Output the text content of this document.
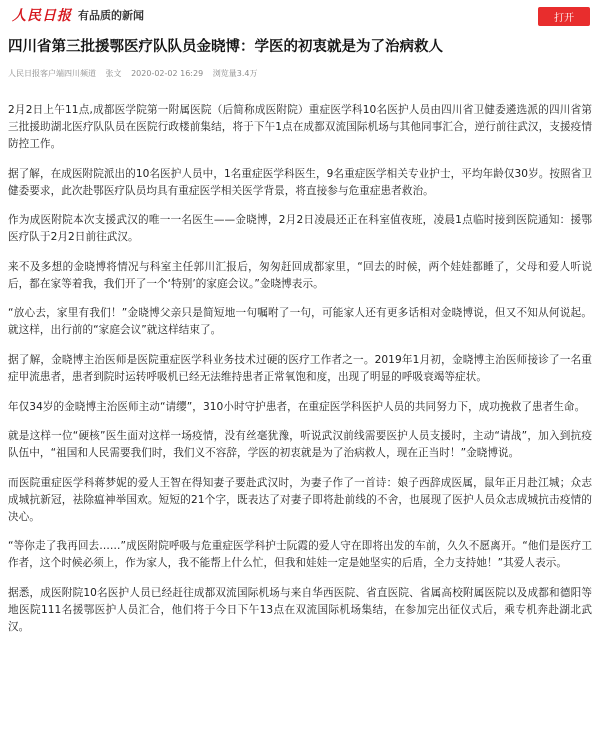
人民日报 有品质的新闻	打开
四川省第三批援鄂医疗队队员金晓博：学医的初衷就是为了治病救人
人民日报客户端四川频道 张文 2020-02-02 16:29 浏览量3.4万

2月2日上午11点,成都医学院第一附属医院（后简称成医附院）重症医学科10名医护人员由四川省卫健委遴选派的四川省第三批援助湖北医疗队队员在医院行政楼前集结，将于下午1点在成都双流国际机场与其他同事汇合，逆行前往武汉，支援疫情防控工作。

据了解，在成医附院派出的10名医护人员中，1名重症医学科医生，9名重症医学相关专业护士，平均年龄仅30岁。按照省卫健委要求，此次赴鄂医疗队员均具有重症医学相关医学背景，将直接参与危重症患者救治。

作为成医附院本次支援武汉的唯一一名医生——金晓博，2月2日凌晨还正在科室值夜班，凌晨1点临时接到医院通知：援鄂医疗队于2月2日前往武汉。

来不及多想的金晓博将情况与科室主任郭川汇报后，匆匆赶回成都家里，“回去的时候，两个娃娃都睡了，父母和爱人听说后，都在家等着我，我们开了一个‘特别’的家庭会议。”金晓博表示。

“放心去，家里有我们！”金晓博父亲只是简短地一句嘱咐了一句，可能家人还有更多话相对金晓博说，但又不知从何说起。就这样，出行前的“家庭会议”就这样结束了。

据了解，金晓博主治医师是医院重症医学科业务技术过硬的医疗工作者之一。2019年1月初，金晓博主治医师接诊了一名重症甲流患者，患者到院时运转呼吸机已经无法维持患者正常氧饱和度，出现了明显的呼吸衰竭等症状。

年仅34岁的金晓博主治医师主动“请缨”，310小时守护患者，在重症医学科医护人员的共同努力下，成功挽救了患者生命。

就是这样一位“硬核”医生面对这样一场疫情，没有丝毫犹豫，听说武汉前线需要医护人员支援时，主动“请战”，加入到抗疫队伍中，“祖国和人民需要我们时，我们义不容辞，学医的初衷就是为了治病救人，现在正当时！”金晓博说。

而医院重症医学科蒋梦妮的爱人王智在得知妻子要赴武汉时，为妻子作了一首诗：娘子西辞成医属，鼠年正月赴江城；众志成城抗新冠，祛除瘟神举国欢。短短的21个字，既表达了对妻子即将赴前线的不舍，也展现了医护人员众志成城抗击疫情的决心。

“等你走了我再回去……”成医附院呼吸与危重症医学科护士阮霞的爱人守在即将出发的车前，久久不愿离开。“他们是医疗工作者，这个时候必须上，作为家人，我不能帮上什么忙，但我和娃娃一定是她坚实的后盾，全力支持她！”其爱人表示。

据悉，成医附院10名医护人员已经赶往成都双流国际机场与来自华西医院、省直医院、省属高校附属医院以及成都和德阳等地医院111名援鄂医护人员汇合，他们将于今日下午13点在双流国际机场集结，在参加完出征仪式后，乘专机奔赴湖北武汉。
